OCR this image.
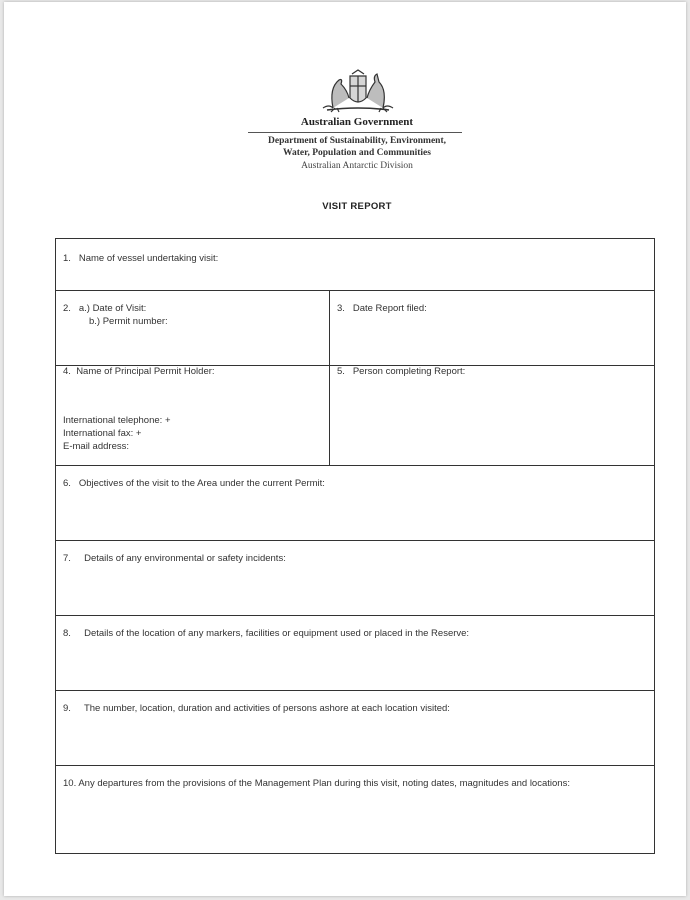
Australian Government
Department of Sustainability, Environment,
Water, Population and Communities
Australian Antarctic Division
VISIT REPORT
1.   Name of vessel undertaking visit:
2.   a.) Date of Visit:
b.) Permit number:
3.   Date Report filed:
4.  Name of Principal Permit Holder:
International telephone: +
International fax: +
E-mail address:
5.   Person completing Report:
6.   Objectives of the visit to the Area under the current Permit:
7.     Details of any environmental or safety incidents:
8.     Details of the location of any markers, facilities or equipment used or placed in the Reserve:
9.     The number, location, duration and activities of persons ashore at each location visited:
10. Any departures from the provisions of the Management Plan during this visit, noting dates, magnitudes and locations:
